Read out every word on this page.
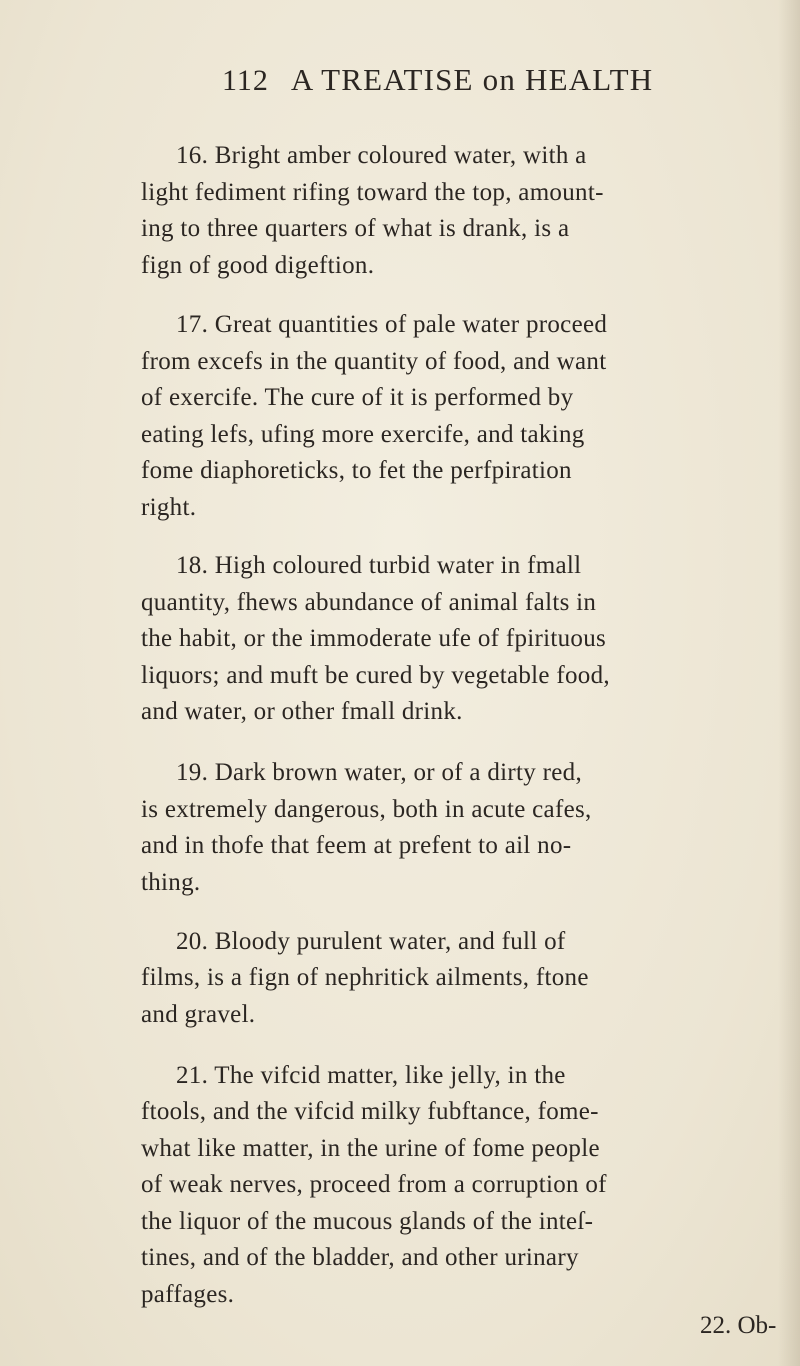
112 A TREATISE on HEALTH
16. Bright amber coloured water, with a
light fediment rifing toward the top, amount-
ing to three quarters of what is drank, is a
fign of good digeftion.
17. Great quantities of pale water proceed
from excefs in the quantity of food, and want
of exercife. The cure of it is performed by
eating lefs, ufing more exercife, and taking
fome diaphoreticks, to fet the perfpiration
right.
18. High coloured turbid water in fmall
quantity, fhews abundance of animal falts in
the habit, or the immoderate ufe of fpirituous
liquors; and muft be cured by vegetable food,
and water, or other fmall drink.
19. Dark brown water, or of a dirty red,
is extremely dangerous, both in acute cafes,
and in thofe that feem at prefent to ail no-
thing.
20. Bloody purulent water, and full of
films, is a fign of nephritick ailments, ftone
and gravel.
21. The vifcid matter, like jelly, in the
ftools, and the vifcid milky fubftance, fome-
what like matter, in the urine of fome people
of weak nerves, proceed from a corruption of
the liquor of the mucous glands of the inteſ-
tines, and of the bladder, and other urinary
paffages.
22. Ob-
